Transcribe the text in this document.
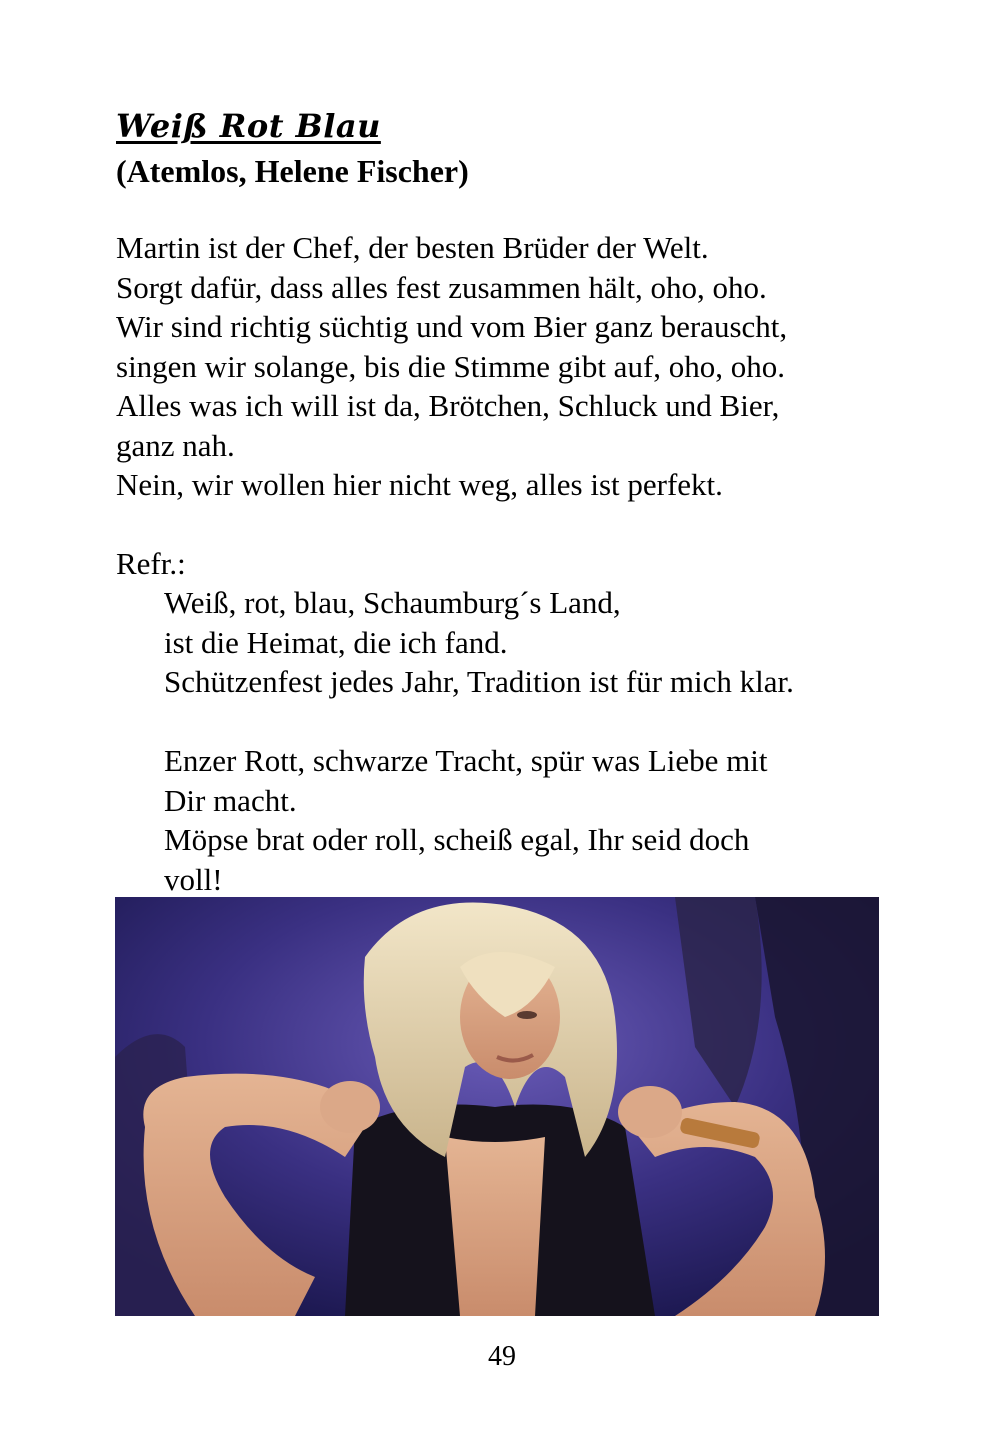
Weiß Rot Blau
(Atemlos, Helene Fischer)
Martin ist der Chef, der besten Brüder der Welt.
Sorgt dafür, dass alles fest zusammen hält, oho, oho.
Wir sind richtig süchtig und vom Bier ganz berauscht,
singen wir solange, bis die Stimme gibt auf, oho, oho.
Alles was ich will ist da, Brötchen, Schluck und Bier,
ganz nah.
Nein, wir wollen hier nicht weg, alles ist perfekt.
Refr.:
Weiß, rot, blau, Schaumburg´s Land,
ist die Heimat, die ich fand.
Schützenfest jedes Jahr, Tradition ist für mich klar.
Enzer Rott, schwarze Tracht, spür was Liebe mit
Dir macht.
Möpse brat oder roll, scheiß egal, Ihr seid doch
voll!
49
